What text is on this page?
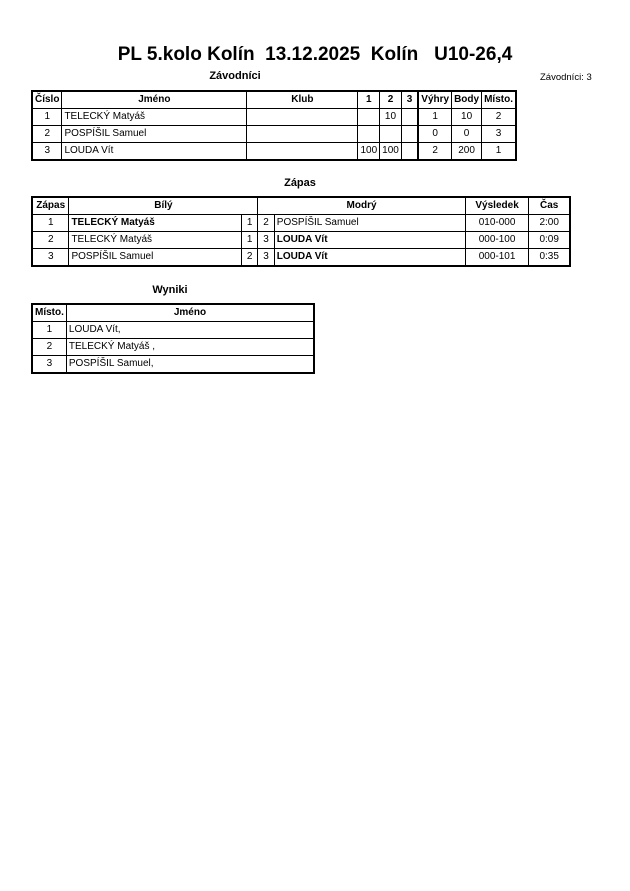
PL 5.kolo Kolín  13.12.2025  Kolín   U10-26,4
Závodníci	Závodníci: 3
Číslo	Jméno	Klub	1	2	3	Výhry	Body	Místo.
1	TELECKÝ Matyáš			10		1	10	2
2	POSPÍŠIL Samuel					0	0	3
3	LOUDA Vít		100	100		2	200	1
Zápas
Zápas	Bílý		Modrý		Výsledek	Čas
1	TELECKÝ Matyáš	1	2	POSPÍŠIL Samuel	010-000	2:00
2	TELECKÝ Matyáš	1	3	LOUDA Vít	000-100	0:09
3	POSPÍŠIL Samuel	2	3	LOUDA Vít	000-101	0:35
Wyniki
Místo.	Jméno
1	LOUDA Vít,
2	TELECKÝ Matyáš ,
3	POSPÍŠIL Samuel,
